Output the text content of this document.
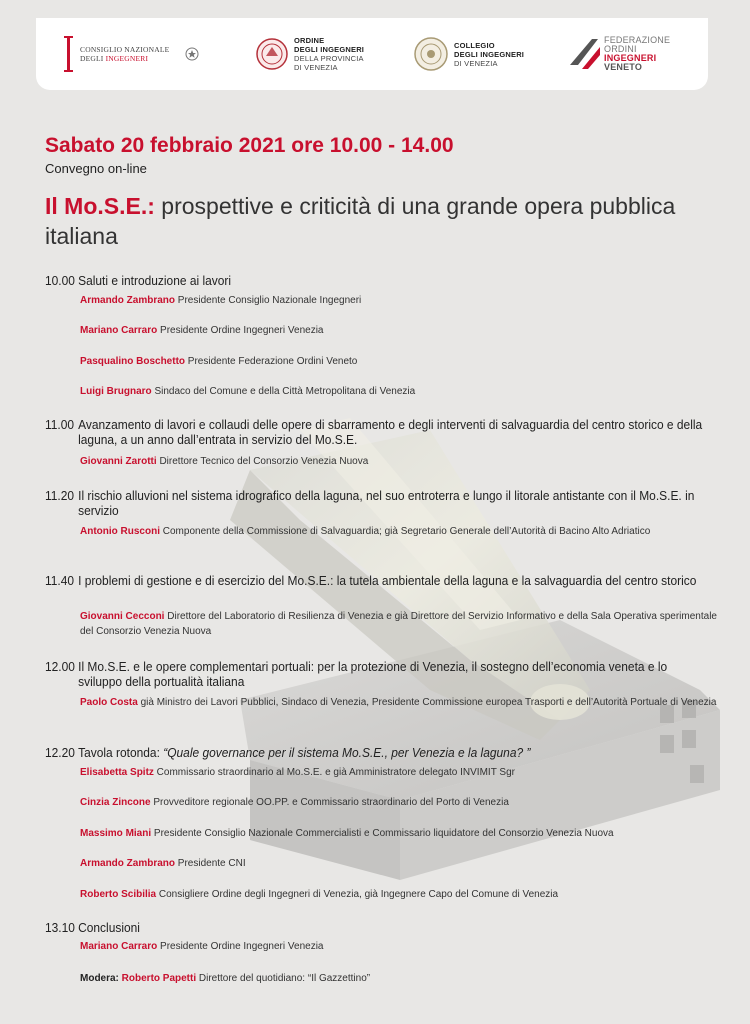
CONSIGLIO NAZIONALE
DEGLI INGEGNERI
ORDINE
DEGLI INGEGNERI
DELLA PROVINCIA
DI VENEZIA
COLLEGIO
DEGLI INGEGNERI
DI VENEZIA
FEDERAZIONE
ORDINI
INGEGNERI
VENETO
Sabato 20 febbraio 2021 ore 10.00 - 14.00
Convegno on-line
Il Mo.S.E.: prospettive e criticità di una grande opera pubblica italiana
10.00 Saluti e introduzione ai lavori
Armando Zambrano Presidente Consiglio Nazionale Ingegneri
Mariano Carraro Presidente Ordine Ingegneri Venezia
Pasqualino Boschetto Presidente Federazione Ordini Veneto
Luigi Brugnaro Sindaco del Comune e della Città Metropolitana di Venezia
11.00 Avanzamento di lavori e collaudi delle opere di sbarramento e degli interventi di salvaguardia del centro storico e della laguna, a un anno dall’entrata in servizio del Mo.S.E.
Giovanni Zarotti Direttore Tecnico del Consorzio Venezia Nuova
11.20 Il rischio alluvioni nel sistema idrografico della laguna, nel suo entroterra e lungo il litorale antistante con il Mo.S.E. in servizio
Antonio Rusconi Componente della Commissione di Salvaguardia; già Segretario Generale dell’Autorità di Bacino Alto Adriatico
11.40 I problemi di gestione e di esercizio del Mo.S.E.: la tutela ambientale della laguna e la salvaguardia del centro storico
Giovanni Cecconi Direttore del Laboratorio di Resilienza di Venezia e già Direttore del Servizio Informativo e della Sala Operativa sperimentale del Consorzio Venezia Nuova
12.00 Il Mo.S.E. e le opere complementari portuali: per la protezione di Venezia, il sostegno dell’economia veneta e lo sviluppo della portualità italiana
Paolo Costa già Ministro dei Lavori Pubblici, Sindaco di Venezia, Presidente Commissione europea Trasporti e dell’Autorità Portuale di Venezia
12.20 Tavola rotonda: “Quale governance per il sistema Mo.S.E., per Venezia e la laguna? ”
Elisabetta Spitz Commissario straordinario al Mo.S.E. e già Amministratore delegato INVIMIT Sgr
Cinzia Zincone Provveditore regionale OO.PP. e Commissario straordinario del Porto di Venezia
Massimo Miani Presidente Consiglio Nazionale Commercialisti e Commissario liquidatore del Consorzio Venezia Nuova
Armando Zambrano Presidente CNI
Roberto Scibilia Consigliere Ordine degli Ingegneri di Venezia, già Ingegnere Capo del Comune di Venezia
13.10 Conclusioni
Mariano Carraro Presidente Ordine Ingegneri Venezia
Modera: Roberto Papetti Direttore del quotidiano: “Il Gazzettino”
